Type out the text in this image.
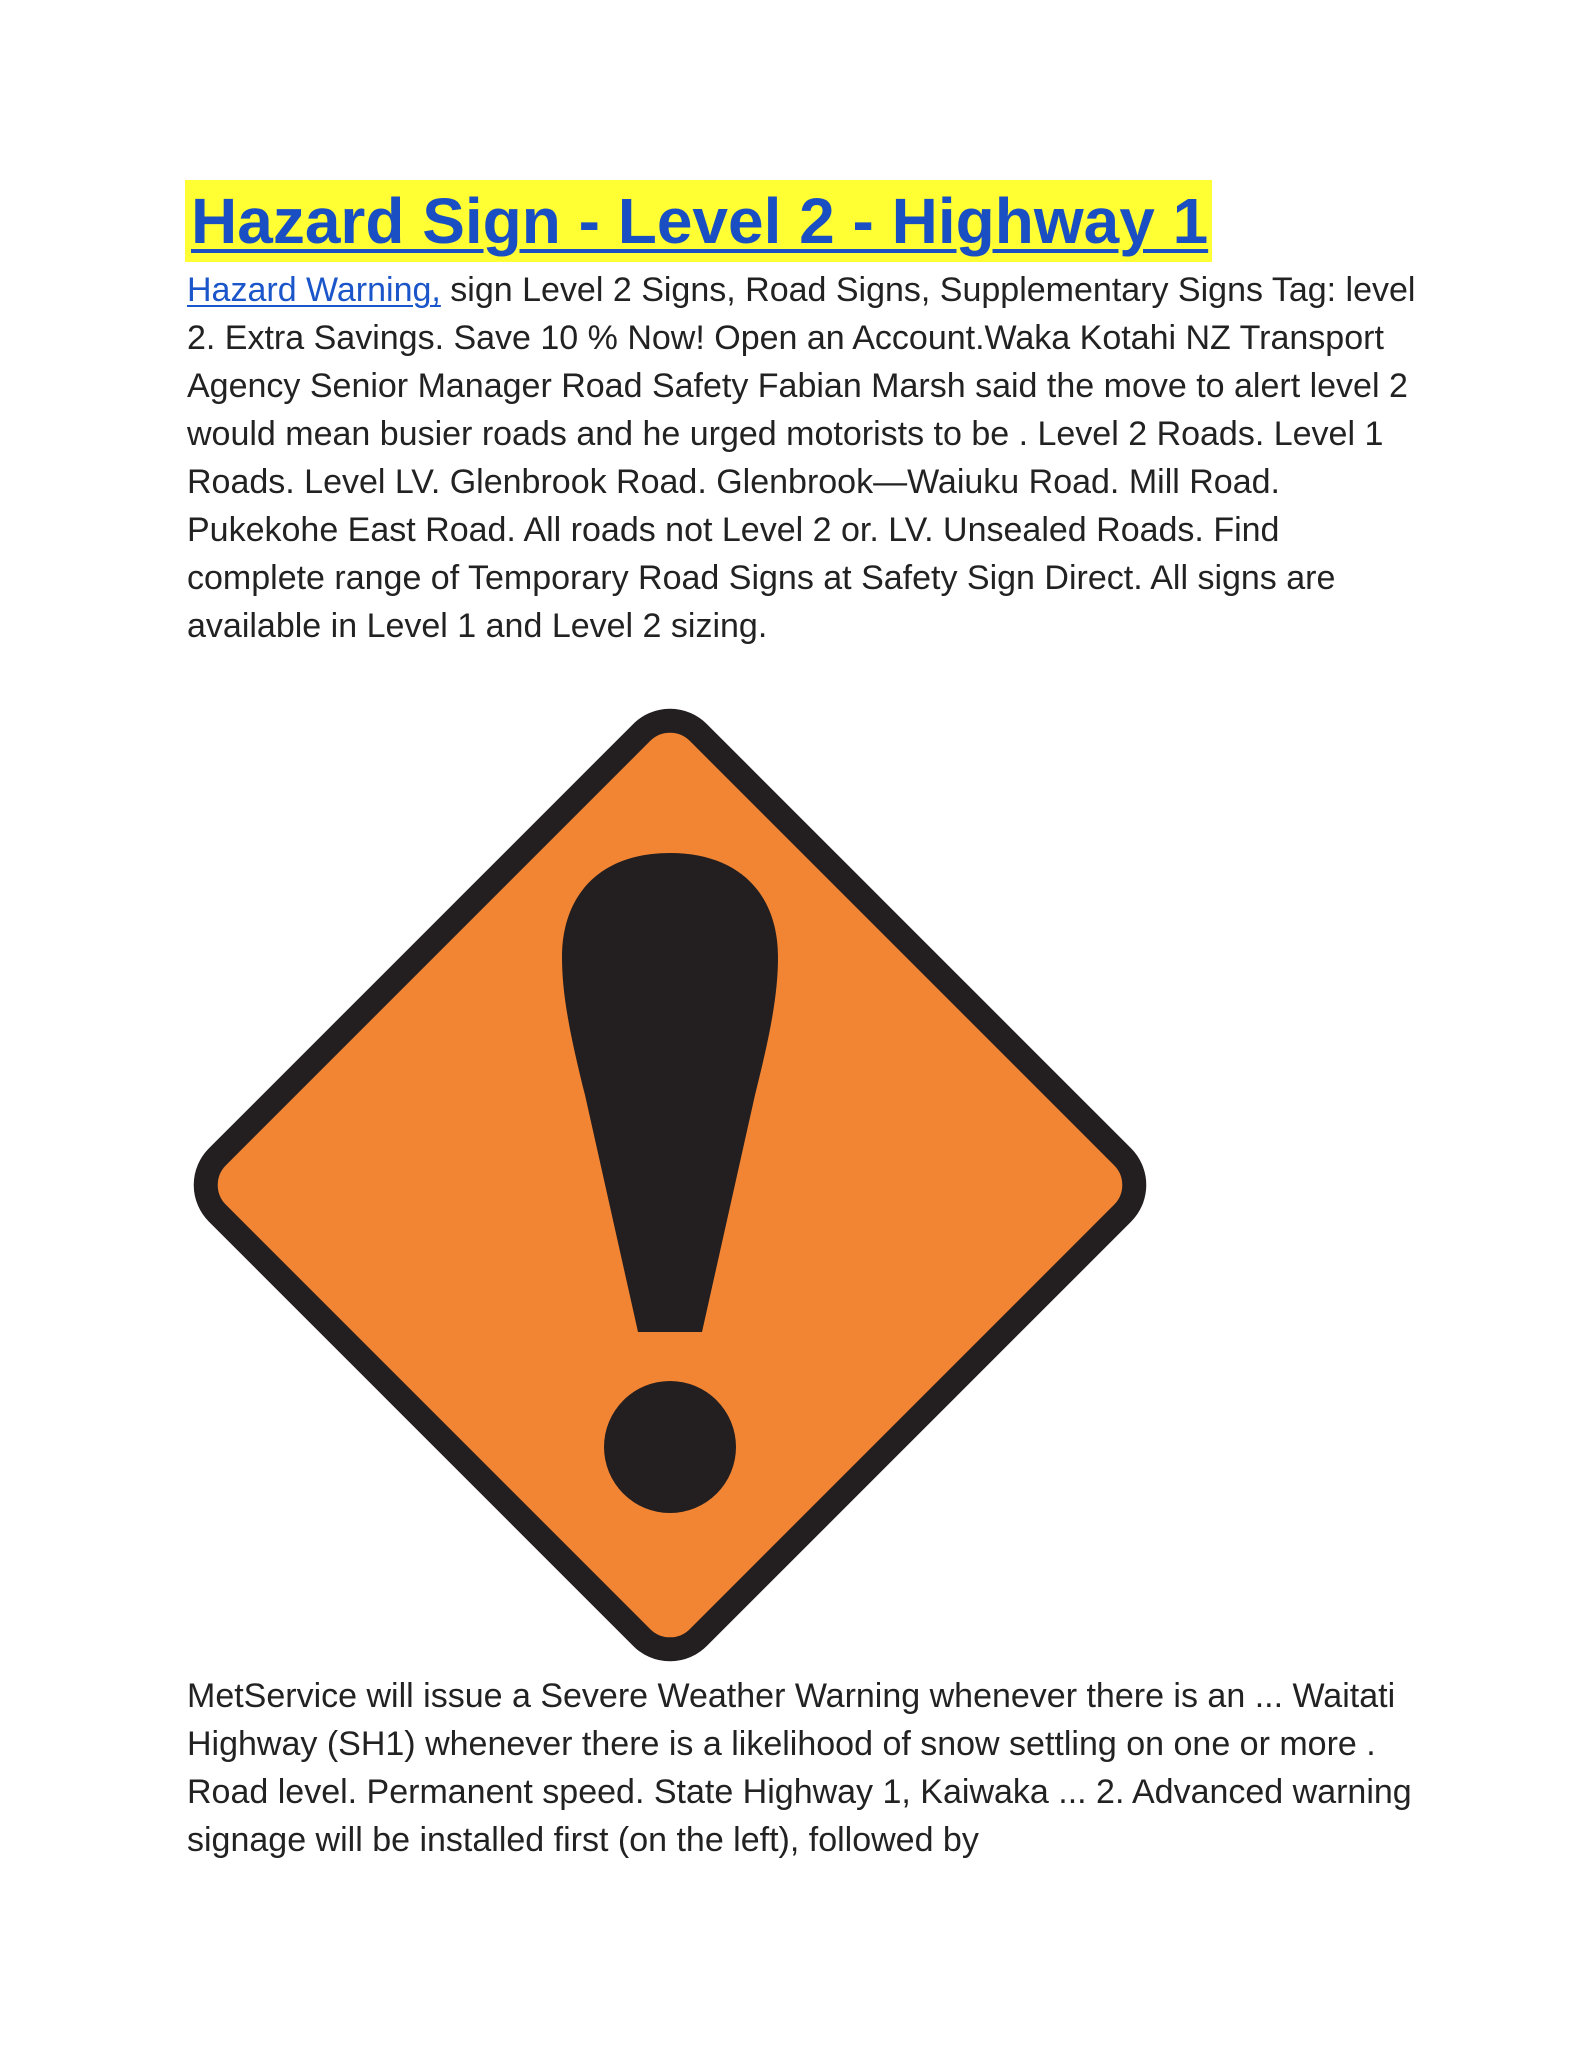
Hazard Sign - Level 2 - Highway 1

Hazard Warning, sign Level 2 Signs, Road Signs, Supplementary Signs Tag: level 2. Extra Savings. Save 10 % Now! Open an Account.Waka Kotahi NZ Transport Agency Senior Manager Road Safety Fabian Marsh said the move to alert level 2 would mean busier roads and he urged motorists to be . Level 2 Roads. Level 1 Roads. Level LV. Glenbrook Road. Glenbrook—Waiuku Road. Mill Road. Pukekohe East Road. All roads not Level 2 or. LV. Unsealed Roads. Find complete range of Temporary Road Signs at Safety Sign Direct. All signs are available in Level 1 and Level 2 sizing.

MetService will issue a Severe Weather Warning whenever there is an ... Waitati Highway (SH1) whenever there is a likelihood of snow settling on one or more . Road level. Permanent speed. State Highway 1, Kaiwaka ... 2. Advanced warning signage will be installed first (on the left), followed by
